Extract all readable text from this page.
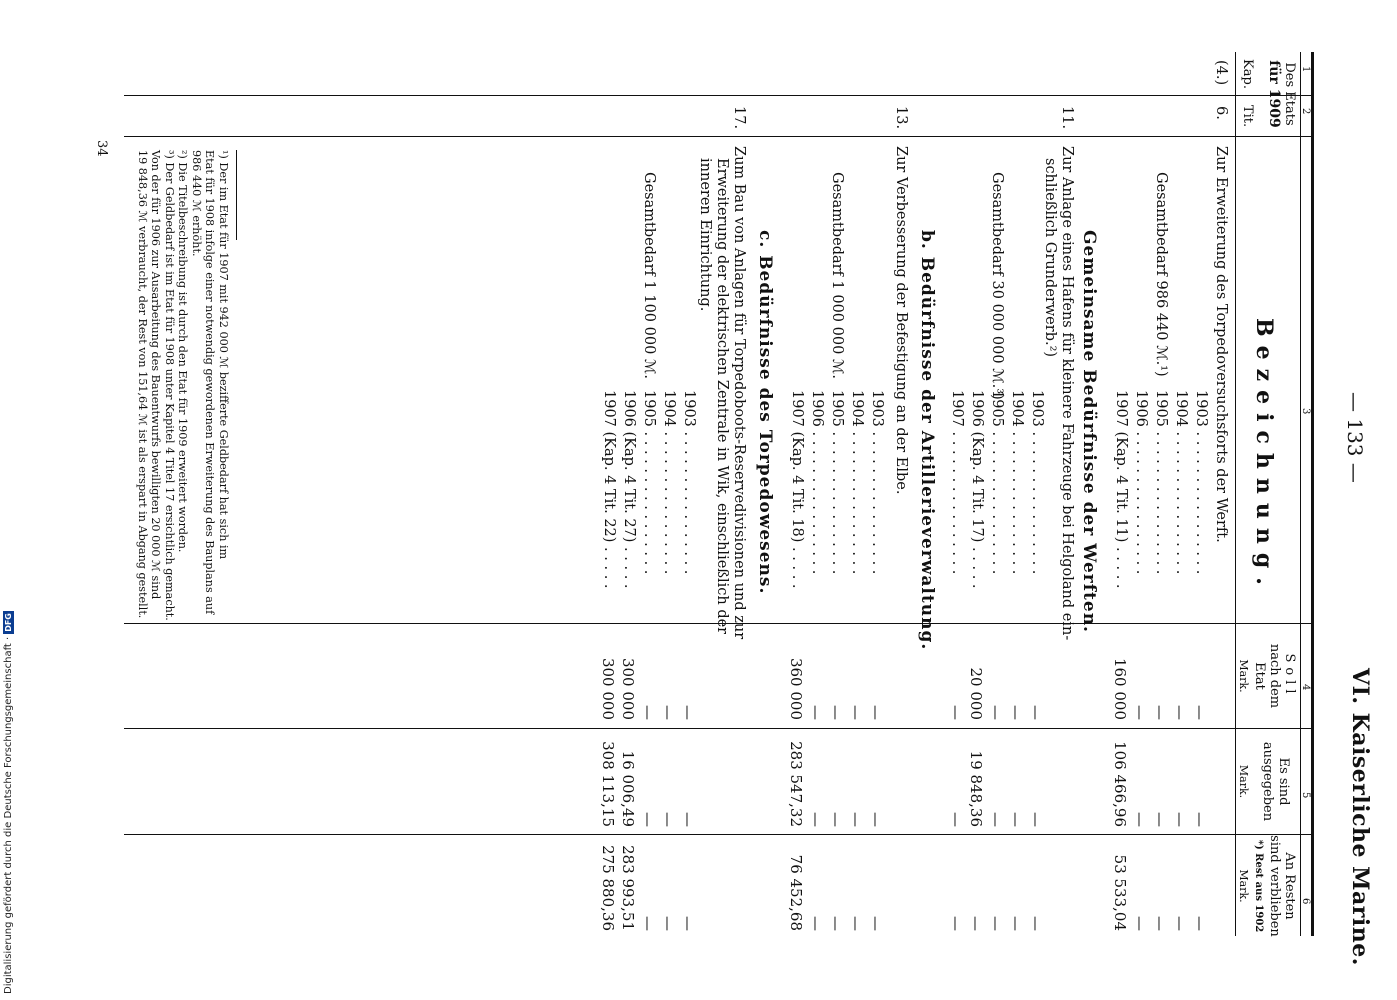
— 133 —
VI. Kaiserliche Marine.
1
2
3
4
5
6
Des Etats
für 1909
Kap.
Tit.
Bezeichnung.
Soll
nach dem
Etat
Mark.
Es sind
ausgegeben
Mark.
An Resten
sind verblieben
*) Rest aus 1902
Mark.
(4.)
6.
Zur Erweiterung des Torpedoversuchsforts der Werft.
1903 . . . . . . . . . . . . . . . .
—
—
—
1904 . . . . . . . . . . . . . . . .
—
—
—
Gesamtbedarf 986 440 ℳ.¹)
1905 . . . . . . . . . . . . . . . .
—
—
—
1906 . . . . . . . . . . . . . . . .
—
—
—
1907 (Kap. 4 Tit. 11) . . . . .
160 000
106 466,96
53 533,04
Gemeinsame Bedürfnisse der Werften.
11.
Zur Anlage eines Hafens für kleinere Fahrzeuge bei Helgoland ein-
schließlich Grunderwerb.²)
1903 . . . . . . . . . . . . . . . .
—
—
—
1904 . . . . . . . . . . . . . . . .
—
—
—
Gesamtbedarf 30 000 000 ℳ.³)
1905 . . . . . . . . . . . . . . . .
—
—
—
1906 (Kap. 4 Tit. 17) . . . . .
20 000
19 848,36
—
1907 . . . . . . . . . . . . . . . .
—
—
—
b. Bedürfnisse der Artillerieverwaltung.
13.
Zur Verbesserung der Befestigung an der Elbe.
1903 . . . . . . . . . . . . . . . .
—
—
—
1904 . . . . . . . . . . . . . . . .
—
—
—
Gesamtbedarf 1 000 000 ℳ.
1905 . . . . . . . . . . . . . . . .
—
—
—
1906 . . . . . . . . . . . . . . . .
—
—
—
1907 (Kap. 4 Tit. 18) . . . . .
360 000
283 547,32
76 452,68
c. Bedürfnisse des Torpedowesens.
17.
Zum Bau von Anlagen für Torpedoboots-Reservedivisionen und zur
Erweiterung der elektrischen Zentrale in Wik, einschließlich der
inneren Einrichtung.
1903 . . . . . . . . . . . . . . . .
—
—
—
1904 . . . . . . . . . . . . . . . .
—
—
—
Gesamtbedarf 1 100 000 ℳ.
1905 . . . . . . . . . . . . . . . .
—
—
—
1906 (Kap. 4 Tit. 27) . . . . .
300 000
16 006,49
283 993,51
1907 (Kap. 4 Tit. 22) . . . . .
300 000
308 113,15
275 880,36
¹) Der im Etat für 1907 mit 942 000 ℳ bezifferte Geldbedarf hat sich im
Etat für 1908 infolge einer notwendig gewordenen Erweiterung des Bauplans auf
986 440 ℳ erhöht.
²) Die Titelbeschreibung ist durch den Etat für 1909 erweitert worden.
³) Der Geldbedarf ist im Etat für 1908 unter Kapitel 4 Titel 17 ersichtlich gemacht.
Von der für 1906 zur Ausarbeitung des Bauentwurfs bewilligten 20 000 ℳ sind
19 848,36 ℳ verbraucht, der Rest von 151,64 ℳ ist als erspart in Abgang gestellt.
34
Digitalisierung gefördert durch die Deutsche Forschungsgemeinschaft ·DFG
